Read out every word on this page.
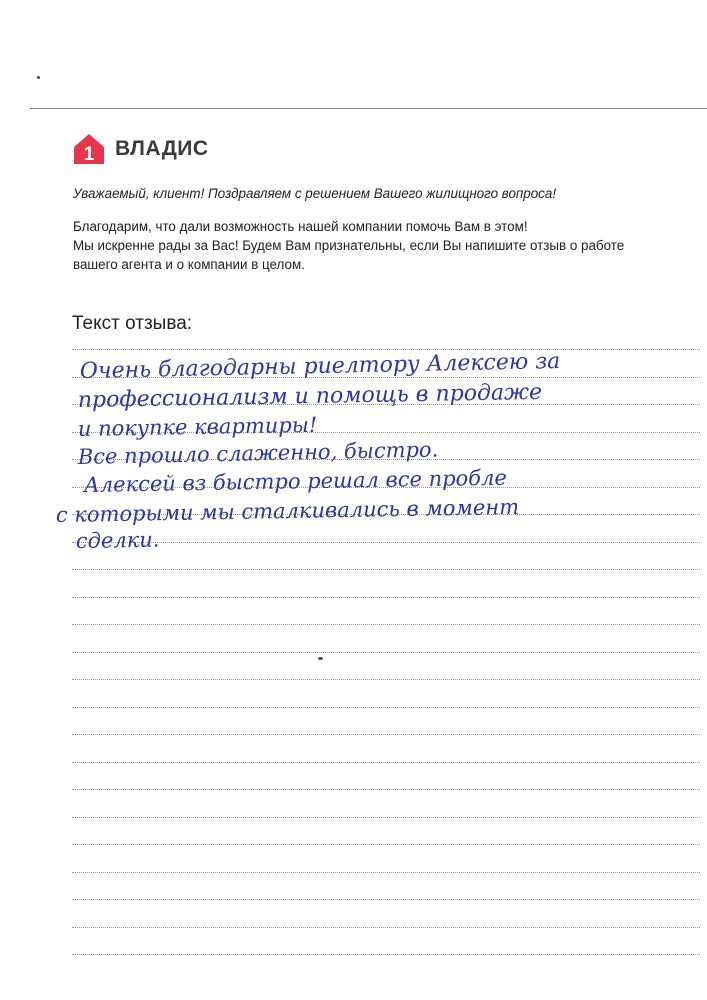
1 ВЛАДИС
Уважаемый, клиент! Поздравляем с решением Вашего жилищного вопроса!
Благодарим, что дали возможность нашей компании помочь Вам в этом!
Мы искренне рады за Вас! Будем Вам признательны, если Вы напишите отзыв о работе
вашего агента и о компании в целом.
Текст отзыва:
Очень благодарны риелтору Алексею за
профессионализм и помощь в продаже
и покупке квартиры!
Все прошло слаженно, быстро.
Алексей вз быстро решал все пробле
с которыми мы сталкивались в момент
сделки.
